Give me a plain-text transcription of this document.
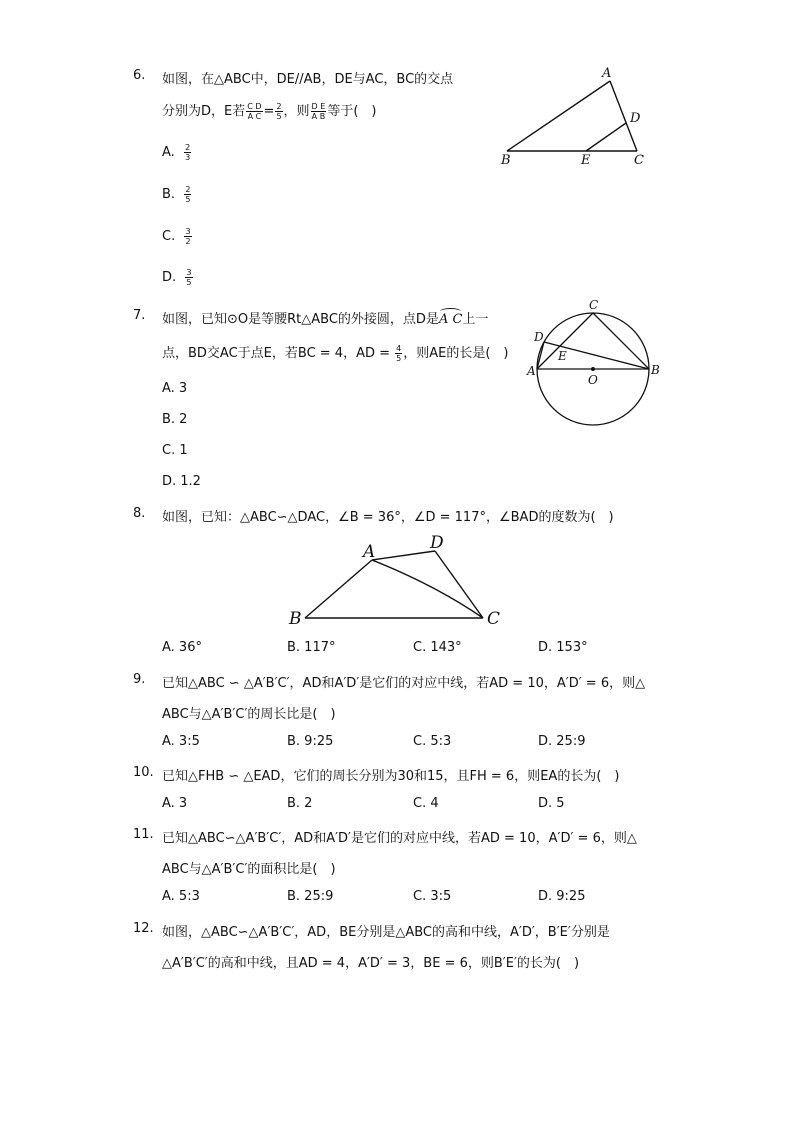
6. 如图，在△ABC中，DE//AB，DE与AC，BC的交点
分别为D，E若 $\frac{\text{C D}}{\text{A C}} = \frac{2}{5}$ ，则 $\frac{\text{D E}}{\text{A B}}$ 等于(　)
A. $\frac{2}{3}$
B. $\frac{2}{5}$
C. $\frac{3}{2}$
D. $\frac{3}{5}$
A
D
B	E	C
7. 如图，已知⊙O是等腰Rt△ABC的外接圆，点D是
A C上一
点，BD交AC于点E，若BC = 4，AD = $\frac{4}{5}$ ，则AE的长是(　)
A. 3
B. 2
C. 1
D. 1.2
C
D
E
A
O
B
8. 如图，已知：△ABC∽△DAC，∠B = 36°，∠D = 117°，∠BAD的度数为(　)
A	D
B	C
A. 36°	B. 117°	C. 143°	D. 153°
9. 已知△ABC ∽ △A′B′C′，AD和A′D′是它们的对应中线，若AD = 10，A′D′ = 6，则△
ABC与△A′B′C′的周长比是(　)
A. 3:5	B. 9:25	C. 5:3	D. 25:9
10. 已知△FHB ∽ △EAD，它们的周长分别为30和15，且FH = 6，则EA的长为(　)
A. 3	B. 2	C. 4	D. 5
11. 已知△ABC∽△A′B′C′，AD和A′D′是它们的对应中线，若AD = 10，A′D′ = 6，则△
ABC与△A′B′C′的面积比是(　)
A. 5:3	B. 25:9	C. 3:5	D. 9:25
12. 如图，△ABC∽△A′B′C′，AD，BE分别是△ABC的高和中线，A′D′，B′E′分别是
△A′B′C′的高和中线，且AD = 4，A′D′ = 3，BE = 6，则B′E′的长为(　)
